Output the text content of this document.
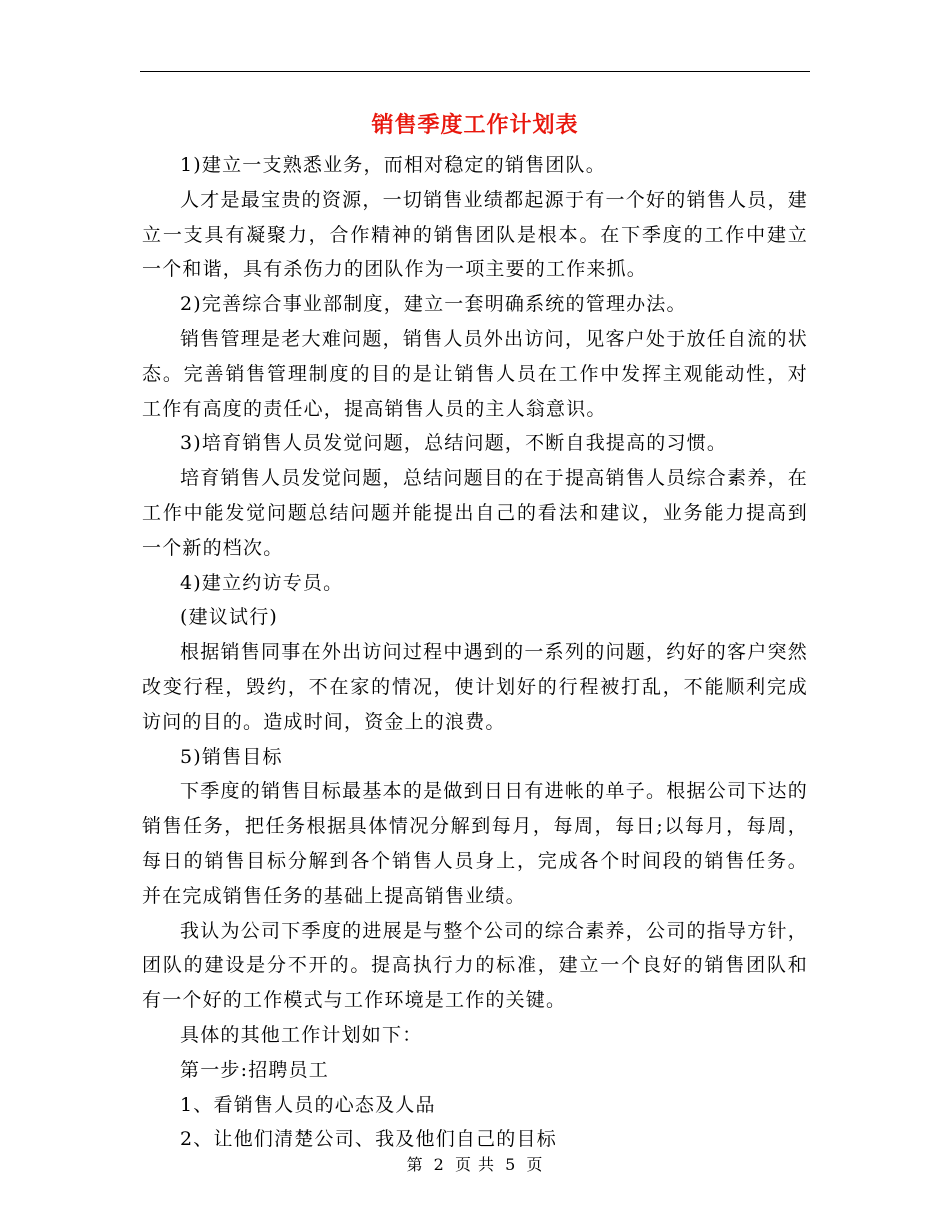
销售季度工作计划表

1)建立一支熟悉业务，而相对稳定的销售团队。

人才是最宝贵的资源，一切销售业绩都起源于有一个好的销售人员，建立一支具有凝聚力，合作精神的销售团队是根本。在下季度的工作中建立一个和谐，具有杀伤力的团队作为一项主要的工作来抓。

2)完善综合事业部制度，建立一套明确系统的管理办法。

销售管理是老大难问题，销售人员外出访问，见客户处于放任自流的状态。完善销售管理制度的目的是让销售人员在工作中发挥主观能动性，对工作有高度的责任心，提高销售人员的主人翁意识。

3)培育销售人员发觉问题，总结问题，不断自我提高的习惯。

培育销售人员发觉问题，总结问题目的在于提高销售人员综合素养，在工作中能发觉问题总结问题并能提出自己的看法和建议，业务能力提高到一个新的档次。

4)建立约访专员。

(建议试行)

根据销售同事在外出访问过程中遇到的一系列的问题，约好的客户突然改变行程，毁约，不在家的情况，使计划好的行程被打乱，不能顺利完成访问的目的。造成时间，资金上的浪费。

5)销售目标

下季度的销售目标最基本的是做到日日有进帐的单子。根据公司下达的销售任务，把任务根据具体情况分解到每月，每周，每日;以每月，每周，每日的销售目标分解到各个销售人员身上，完成各个时间段的销售任务。并在完成销售任务的基础上提高销售业绩。

我认为公司下季度的进展是与整个公司的综合素养，公司的指导方针，团队的建设是分不开的。提高执行力的标准，建立一个良好的销售团队和有一个好的工作模式与工作环境是工作的关键。

具体的其他工作计划如下：

第一步:招聘员工

1、看销售人员的心态及人品

2、让他们清楚公司、我及他们自己的目标

第 2 页 共 5 页
